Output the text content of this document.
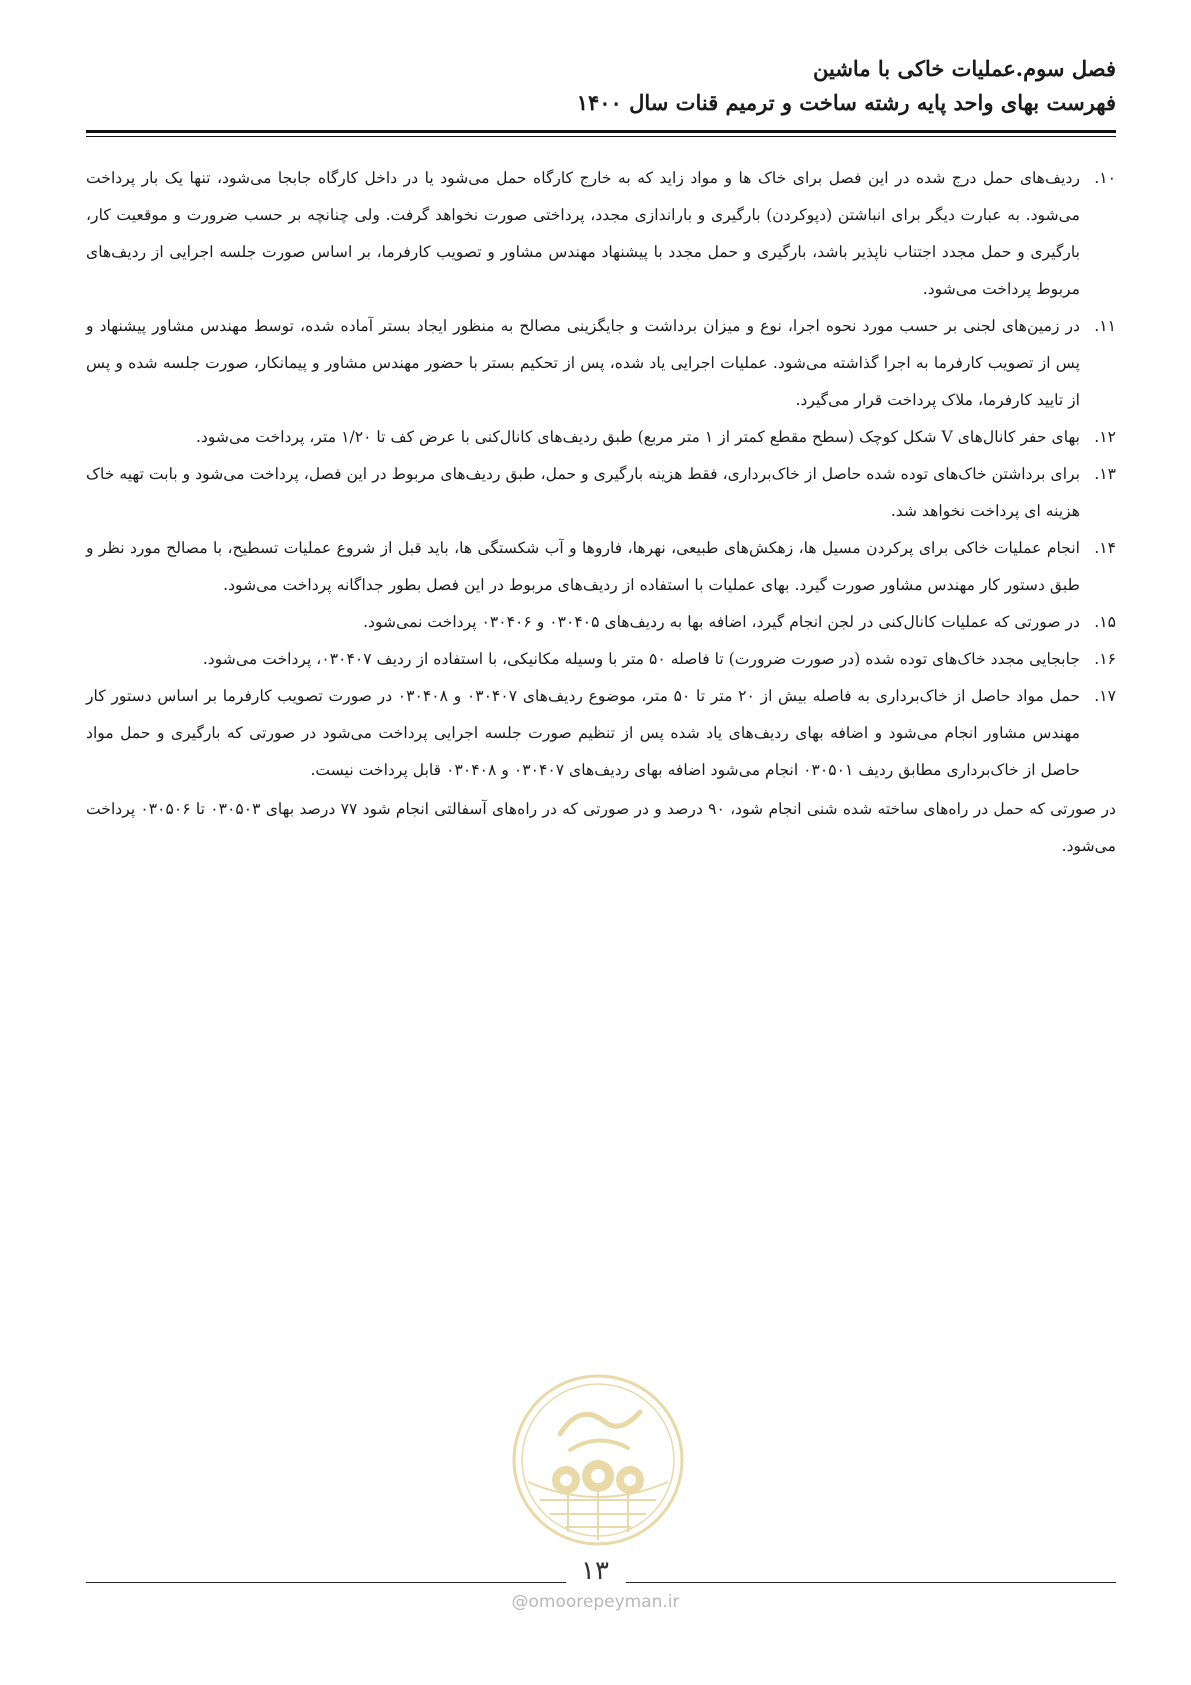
فصل سوم.عملیات خاکی با ماشین
فهرست بهای واحد پایه رشته ساخت و ترمیم قنات سال ۱۴۰۰
۱۰.
ردیف‌های حمل درج شده در این فصل برای خاک ها و مواد زاید که به خارج کارگاه حمل می‌شود یا در داخل کارگاه جابجا می‌شود، تنها یک بار پرداخت می‌شود. به عبارت دیگر برای انباشتن (دپوکردن) بارگیری و باراندازی مجدد، پرداختی صورت نخواهد گرفت. ولی چنانچه بر حسب ضرورت و موقعیت کار، بارگیری و حمل مجدد اجتناب ناپذیر باشد، بارگیری و حمل مجدد با پیشنهاد مهندس مشاور و تصویب کارفرما، بر اساس صورت جلسه اجرایی از ردیف‌های مربوط پرداخت می‌شود.
۱۱.
در زمین‌های لجنی بر حسب مورد نحوه اجرا، نوع و میزان برداشت و جایگزینی مصالح به منظور ایجاد بستر آماده شده، توسط مهندس مشاور پیشنهاد و پس از تصویب کارفرما به اجرا گذاشته می‌شود. عملیات اجرایی یاد شده، پس از تحکیم بستر با حضور مهندس مشاور و پیمانکار، صورت جلسه شده و پس از تایید کارفرما، ملاک پرداخت قرار می‌گیرد.
۱۲.
بهای حفر کانال‌های V شکل کوچک (سطح مقطع کمتر از ۱ متر مربع) طبق ردیف‌های کانال‌کنی با عرض کف تا ۱/۲۰ متر، پرداخت می‌شود.
۱۳.
برای برداشتن خاک‌های توده شده حاصل از خاک‌برداری، فقط هزینه بارگیری و حمل، طبق ردیف‌های مربوط در این فصل، پرداخت می‌شود و بابت تهیه خاک هزینه ای پرداخت نخواهد شد.
۱۴.
انجام عملیات خاکی برای پرکردن مسیل ها، زهکش‌های طبیعی، نهرها، فاروها و آب شکستگی ها، باید قبل از شروع عملیات تسطیح، با مصالح مورد نظر و طبق دستور کار مهندس مشاور صورت گیرد. بهای عملیات با استفاده از ردیف‌های مربوط در این فصل بطور جداگانه پرداخت می‌شود.
۱۵.
در صورتی که عملیات کانال‌کنی در لجن انجام گیرد، اضافه بها به ردیف‌های ۰۳۰۴۰۵ و ۰۳۰۴۰۶ پرداخت نمی‌شود.
۱۶.
جابجایی مجدد خاک‌های توده شده (در صورت ضرورت) تا فاصله ۵۰ متر با وسیله مکانیکی، با استفاده از ردیف ۰۳۰۴۰۷، پرداخت می‌شود.
۱۷.
حمل مواد حاصل از خاک‌برداری به فاصله بیش از ۲۰ متر تا ۵۰ متر، موضوع ردیف‌های ۰۳۰۴۰۷ و ۰۳۰۴۰۸ در صورت تصویب کارفرما بر اساس دستور کار مهندس مشاور انجام می‌شود و اضافه بهای ردیف‌های یاد شده پس از تنظیم صورت جلسه اجرایی پرداخت می‌شود در صورتی که بارگیری و حمل مواد حاصل از خاک‌برداری مطابق ردیف ۰۳۰۵۰۱ انجام می‌شود اضافه بهای ردیف‌های ۰۳۰۴۰۷ و ۰۳۰۴۰۸ قابل پرداخت نیست.
در صورتی که حمل در راه‌های ساخته شده شنی انجام شود، ۹۰ درصد و در صورتی که در راه‌های آسفالتی انجام شود ۷۷ درصد بهای ۰۳۰۵۰۳ تا ۰۳۰۵۰۶ پرداخت می‌شود.
۱۳
@omoorepeyman.ir
